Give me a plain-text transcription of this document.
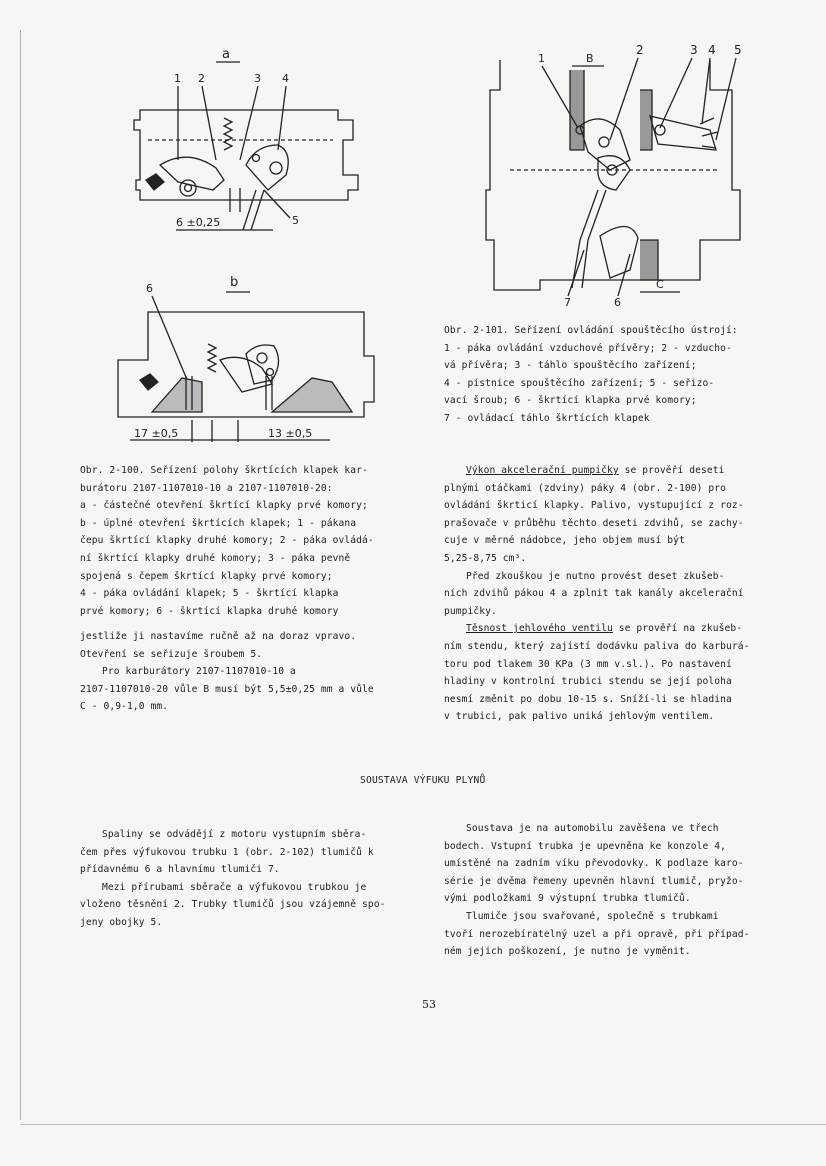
a
1 2	3 4
5
6 ±0,25
6	b
17 ±0,5	13 ±0,5
1	B
2	3 4 5
7	6
C

Obr. 2-101. Seřízení ovládání spouštěcího ústrojí:

1 - páka ovládání vzduchové přívěry; 2 - vzducho-

vá přívěra; 3 - táhlo spouštěcího zařízení;

4 - pístnice spouštěcího zařízení; 5 - seřizo-

vací šroub; 6 - škrtící klapka prvé komory;

7 - ovládací táhlo škrtících klapek

Obr. 2-100. Seřízení polohy škrtících klapek kar-

burátoru 2107-1107010-10 a 2107-1107010-20:

a - částečné otevření škrtící klapky prvé komory;

b - úplné otevření škrtících klapek; 1 - pákana

čepu škrtící klapky druhé komory; 2 - páka ovládá-

ní škrtící klapky druhé komory; 3 - páka pevně

spojená s čepem škrtící klapky prvé komory;

4 - páka ovládání klapek; 5 - škrtící klapka

prvé komory; 6 - škrtící klapka druhé komory

jestliže ji nastavíme ručně až na doraz vpravo.

Otevření se seřizuje šroubem 5.

Pro karburátory 2107-1107010-10 a

2107-1107010-20 vůle B musí být 5,5±0,25 mm a vůle

C - 0,9-1,0 mm.

Výkon akcelerační pumpičky se prověří deseti

plnými otáčkami (zdviny) páky 4 (obr. 2-100) pro

ovládání škrticí klapky. Palivo, vystupující z roz-

prašovače v průběhu těchto deseti zdvihů, se zachy-

cuje v měrné nádobce, jeho objem musí být

5,25-8,75 cm³.

Před zkouškou je nutno provést deset zkušeb-

ních zdvihů pákou 4 a zplnit tak kanály akcelerační

pumpičky.

Těsnost jehlového ventilu se prověří na zkušeb-

ním stendu, který zajistí dodávku paliva do karburá-

toru pod tlakem 30 KPa (3 mm v.sl.). Po nastavení

hladiny v kontrolní trubici stendu se její poloha

nesmí změnit po dobu 10-15 s. Sníží-li se hladina

v trubici, pak palivo uniká jehlovým ventilem.

SOUSTAVA VÝFUKU PLYNŮ

Spaliny se odvádějí z motoru vystupním sběra-

čem přes výfukovou trubku 1 (obr. 2-102) tlumičů k

přídavnému 6 a hlavnímu tlumiči 7.

Mezi přírubami sběrače a výfukovou trubkou je

vloženo těsnění 2. Trubky tlumičů jsou vzájemně spo-

jeny obojky 5.

Soustava je na automobilu zavěšena ve třech

bodech. Vstupní trubka je upevněna ke konzole 4,

umístěné na zadním víku převodovky. K podlaze karo-

série je dvěma řemeny upevněn hlavní tlumič, pryžo-

vými podložkami 9 výstupní trubka tlumičů.

Tlumiče jsou svařované, společně s trubkami

tvoří nerozebíratelný uzel a při opravě, při případ-

ném jejich poškození, je nutno je vyměnit.

53
